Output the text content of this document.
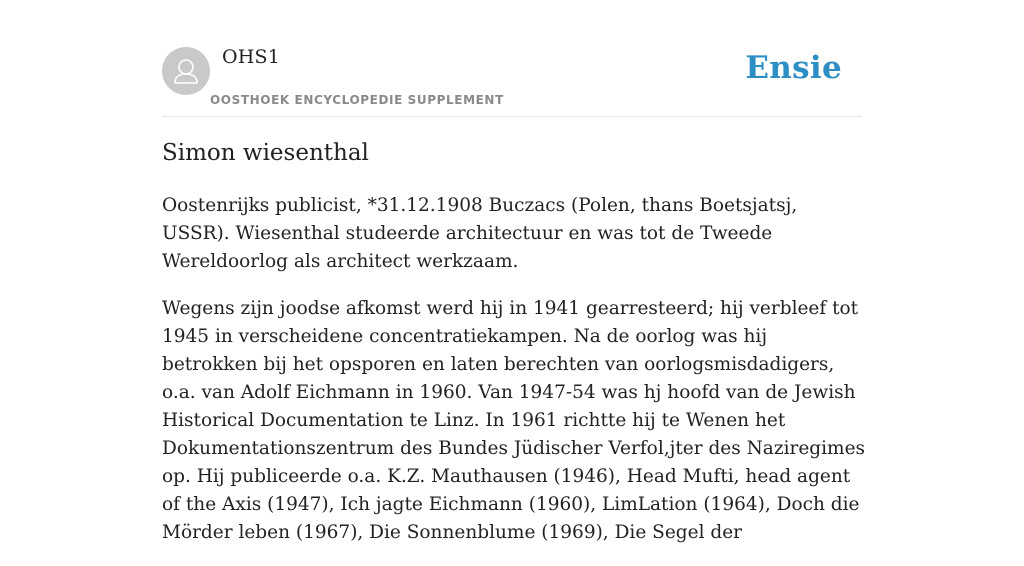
OHS1
OOSTHOEK ENCYCLOPEDIE SUPPLEMENT
Ensie
Simon wiesenthal

Oostenrijks publicist, *31.12.1908 Buczacs (Polen, thans Boetsjatsj, USSR). Wiesenthal studeerde architectuur en was tot de Tweede Wereldoorlog als architect werkzaam.

Wegens zijn joodse afkomst werd hij in 1941 gearresteerd; hij verbleef tot 1945 in verscheidene concentratiekampen. Na de oorlog was hij betrokken bij het opsporen en laten berechten van oorlogsmisdadigers, o.a. van Adolf Eichmann in 1960. Van 1947-54 was hj hoofd van de Jewish Historical Documentation te Linz. In 1961 richtte hij te Wenen het Dokumentationszentrum des Bundes Jüdischer Verfol,jter des Naziregimes op. Hij publiceerde o.a. K.Z. Mauthausen (1946), Head Mufti, head agent of the Axis (1947), Ich jagte Eichmann (1960), LimLation (1964), Doch die Mörder leben (1967), Die Sonnenblume (1969), Die Segel der
